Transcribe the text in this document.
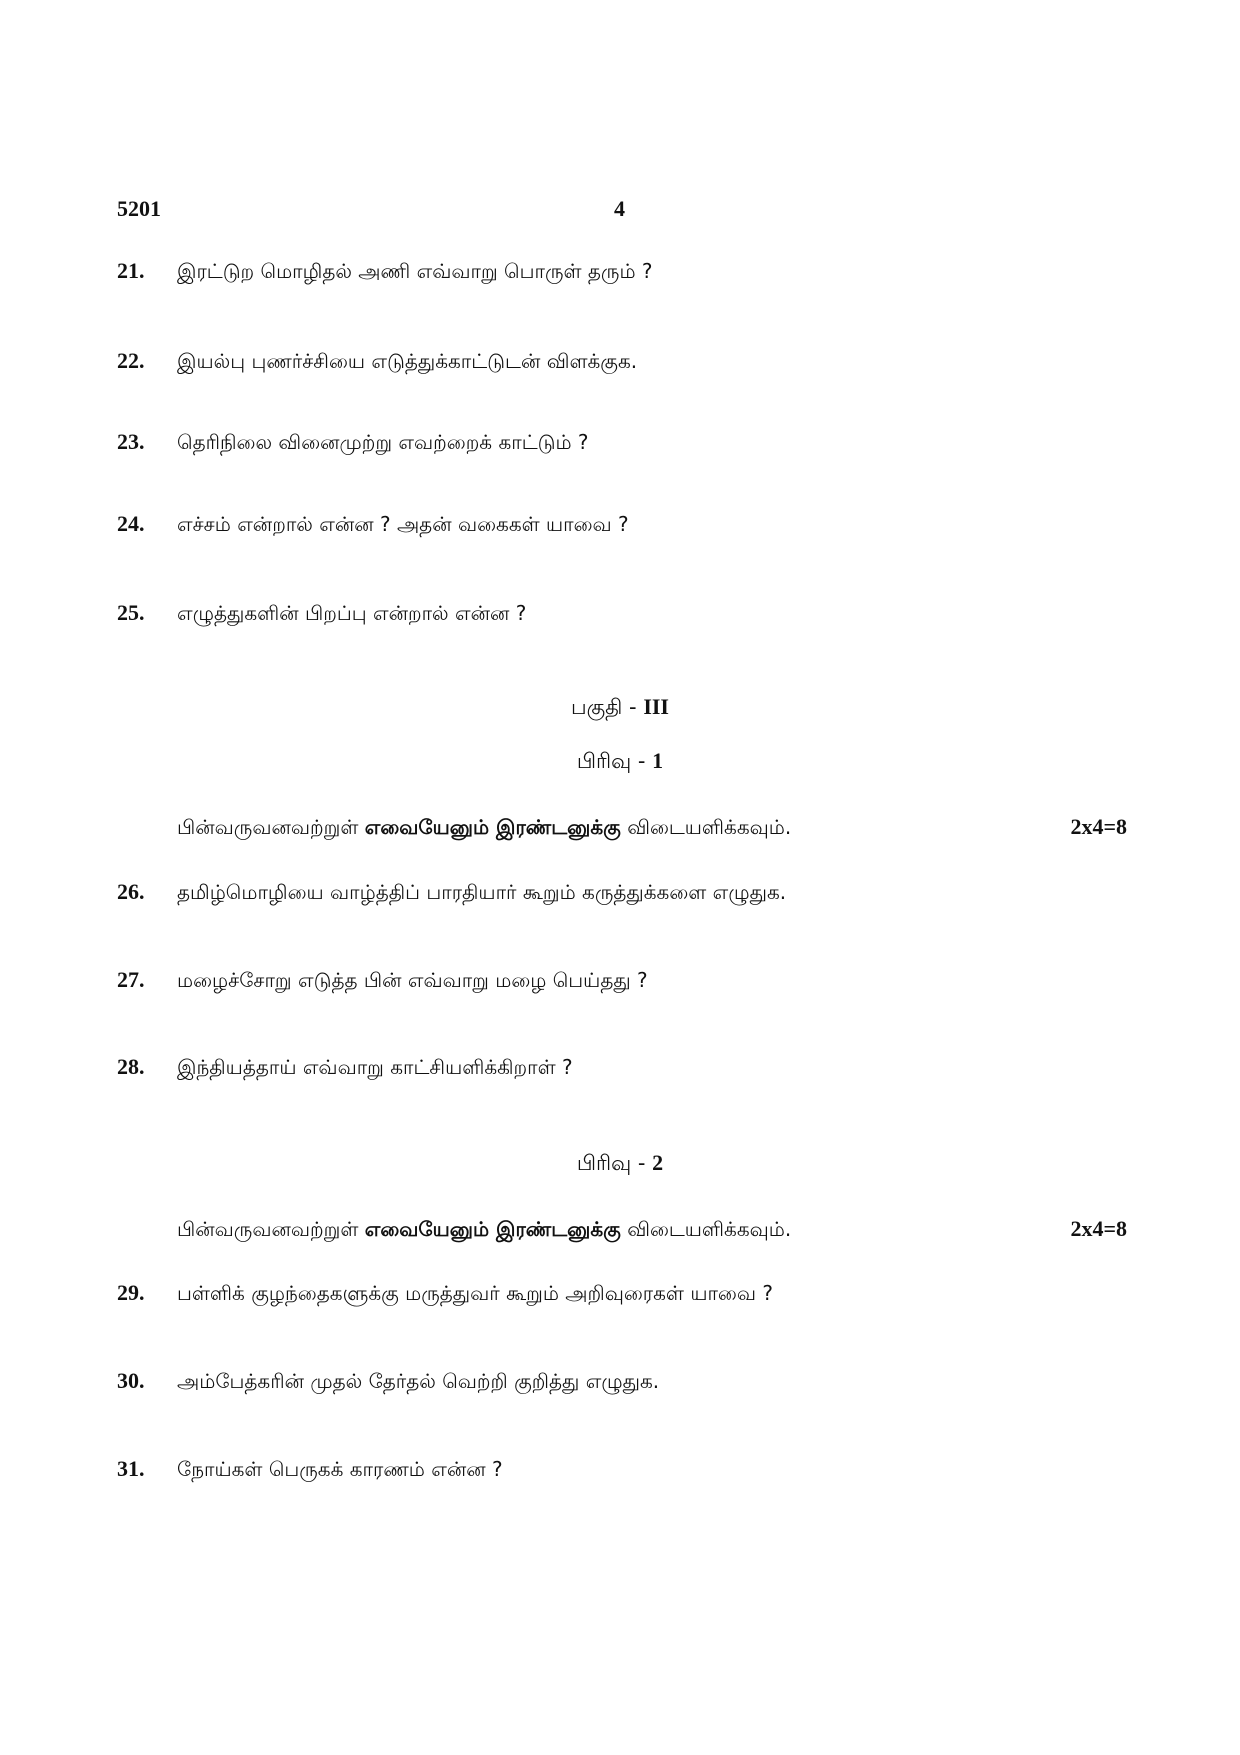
5201	4
21.	இரட்டுற மொழிதல் அணி எவ்வாறு பொருள் தரும் ?
22.	இயல்பு புணர்ச்சியை எடுத்துக்காட்டுடன் விளக்குக.
23.	தெரிநிலை வினைமுற்று எவற்றைக் காட்டும் ?
24.	எச்சம் என்றால் என்ன ? அதன் வகைகள் யாவை ?
25.	எழுத்துகளின் பிறப்பு என்றால் என்ன ?
பகுதி - III
பிரிவு - 1
பின்வருவனவற்றுள் எவையேனும் இரண்டனுக்கு விடையளிக்கவும்.	2x4=8
26.	தமிழ்மொழியை வாழ்த்திப் பாரதியார் கூறும் கருத்துக்களை எழுதுக.
27.	மழைச்சோறு எடுத்த பின் எவ்வாறு மழை பெய்தது ?
28.	இந்தியத்தாய் எவ்வாறு காட்சியளிக்கிறாள் ?
பிரிவு - 2
பின்வருவனவற்றுள் எவையேனும் இரண்டனுக்கு விடையளிக்கவும்.	2x4=8
29.	பள்ளிக் குழந்தைகளுக்கு மருத்துவர் கூறும் அறிவுரைகள் யாவை ?
30.	அம்பேத்கரின் முதல் தேர்தல் வெற்றி குறித்து எழுதுக.
31.	நோய்கள் பெருகக் காரணம் என்ன ?
